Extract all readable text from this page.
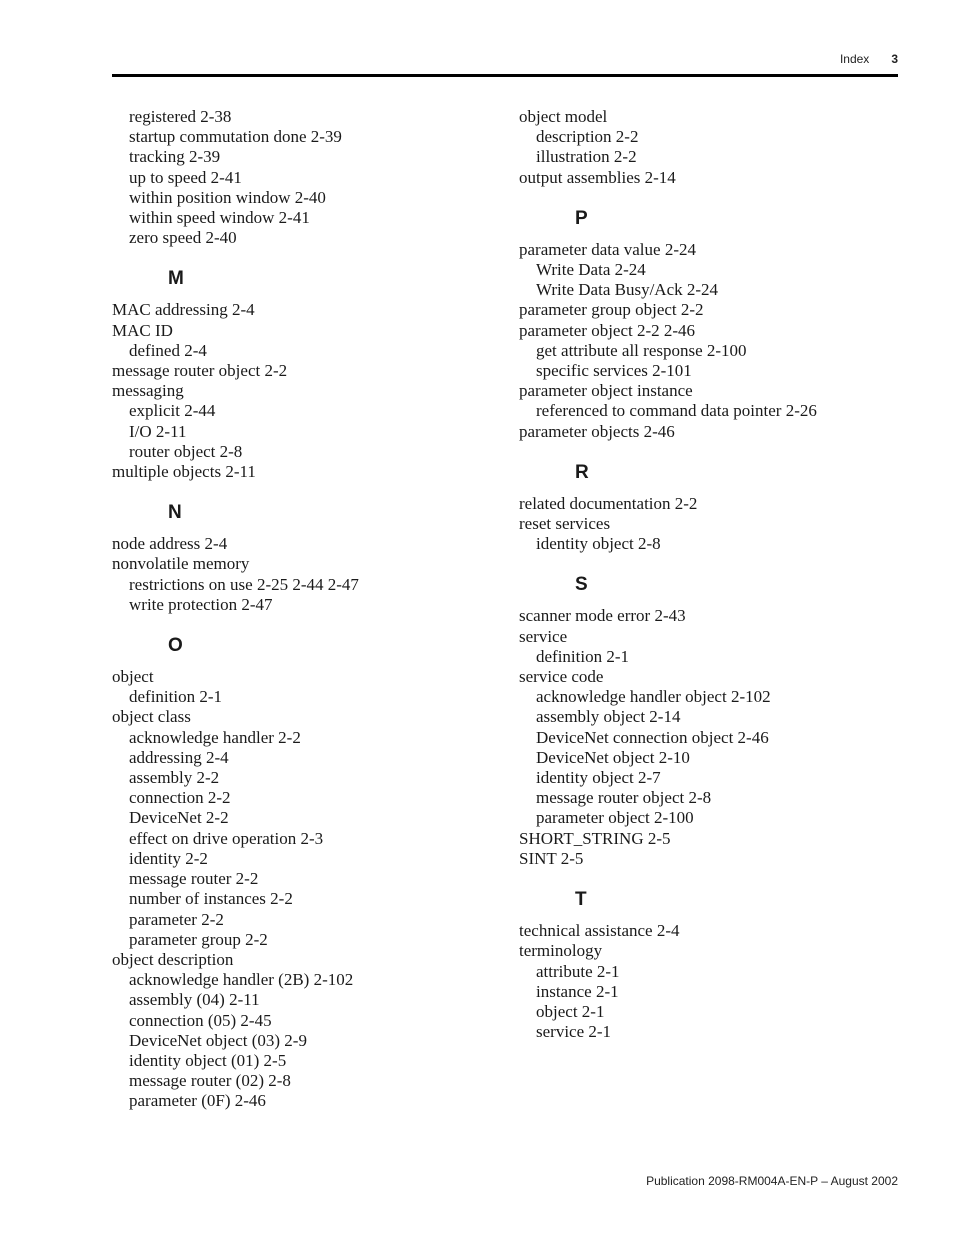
Index 3
registered 2-38
startup commutation done 2-39
tracking 2-39
up to speed 2-41
within position window 2-40
within speed window 2-41
zero speed 2-40
M
MAC addressing 2-4
MAC ID
defined 2-4
message router object 2-2
messaging
explicit 2-44
I/O 2-11
router object 2-8
multiple objects 2-11
N
node address 2-4
nonvolatile memory
restrictions on use 2-25 2-44 2-47
write protection 2-47
O
object
definition 2-1
object class
acknowledge handler 2-2
addressing 2-4
assembly 2-2
connection 2-2
DeviceNet 2-2
effect on drive operation 2-3
identity 2-2
message router 2-2
number of instances 2-2
parameter 2-2
parameter group 2-2
object description
acknowledge handler (2B) 2-102
assembly (04) 2-11
connection (05) 2-45
DeviceNet object (03) 2-9
identity object (01) 2-5
message router (02) 2-8
parameter (0F) 2-46
object model
description 2-2
illustration 2-2
output assemblies 2-14
P
parameter data value 2-24
Write Data 2-24
Write Data Busy/Ack 2-24
parameter group object 2-2
parameter object 2-2 2-46
get attribute all response 2-100
specific services 2-101
parameter object instance
referenced to command data pointer 2-26
parameter objects 2-46
R
related documentation 2-2
reset services
identity object 2-8
S
scanner mode error 2-43
service
definition 2-1
service code
acknowledge handler object 2-102
assembly object 2-14
DeviceNet connection object 2-46
DeviceNet object 2-10
identity object 2-7
message router object 2-8
parameter object 2-100
SHORT_STRING 2-5
SINT 2-5
T
technical assistance 2-4
terminology
attribute 2-1
instance 2-1
object 2-1
service 2-1
Publication 2098-RM004A-EN-P – August 2002
